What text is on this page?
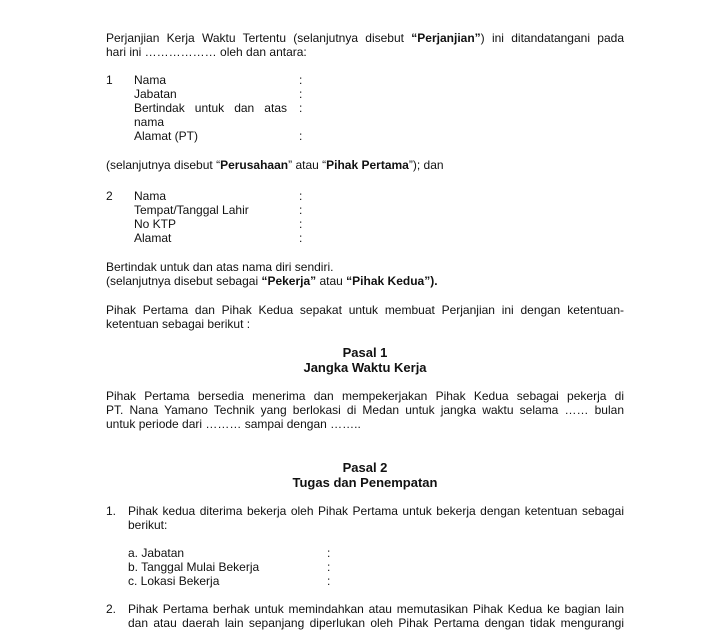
Perjanjian Kerja Waktu Tertentu (selanjutnya disebut “Perjanjian”) ini ditandatangani pada
hari ini ……………… oleh dan antara:
1 Nama	:
Jabatan	:
Bertindak untuk dan atas :
nama
Alamat (PT)	:
(selanjutnya disebut “Perusahaan” atau “Pihak Pertama”); dan
2 Nama	:
Tempat/Tanggal Lahir	:
No KTP	:
Alamat	:
Bertindak untuk dan atas nama diri sendiri.
(selanjutnya disebut sebagai “Pekerja” atau “Pihak Kedua”).
Pihak Pertama dan Pihak Kedua sepakat untuk membuat Perjanjian ini dengan ketentuan-
ketentuan sebagai berikut :
Pasal 1
Jangka Waktu Kerja
Pihak Pertama bersedia menerima dan mempekerjakan Pihak Kedua sebagai pekerja di
PT. Nana Yamano Technik yang berlokasi di Medan untuk jangka waktu selama …… bulan
untuk periode dari ……… sampai dengan ……..
Pasal 2
Tugas dan Penempatan
1. Pihak kedua diterima bekerja oleh Pihak Pertama untuk bekerja dengan ketentuan sebagai
berikut:
a. Jabatan	:
b. Tanggal Mulai Bekerja	:
c. Lokasi Bekerja	:
2. Pihak Pertama berhak untuk memindahkan atau memutasikan Pihak Kedua ke bagian lain
dan atau daerah lain sepanjang diperlukan oleh Pihak Pertama dengan tidak mengurangi
